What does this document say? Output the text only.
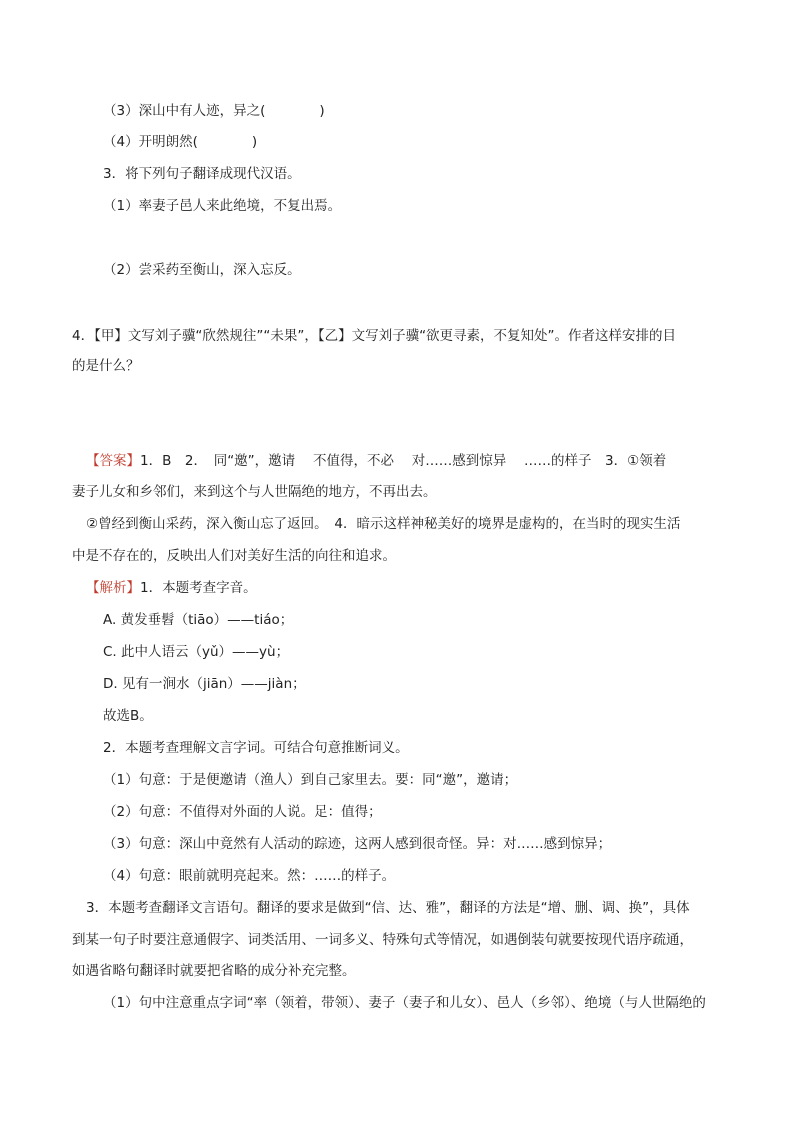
（3）深山中有人迹，异之(　　　　)
（4）开明朗然(　　　　)
3．将下列句子翻译成现代汉语。
（1）率妻子邑人来此绝境，不复出焉。
（2）尝采药至衡山，深入忘反。
4．【甲】文写刘子骥“欣然规往”“未果”，【乙】文写刘子骥“欲更寻素，不复知处”。作者这样安排的目
的是什么？
【答案】1．B　2．　同“邀”，邀请　 不值得，不必　 对……感到惊异　 ……的样子　3．①领着
妻子儿女和乡邻们，来到这个与人世隔绝的地方，不再出去。
②曾经到衡山采药，深入衡山忘了返回。　4．暗示这样神秘美好的境界是虚构的，在当时的现实生活
中是不存在的，反映出人们对美好生活的向往和追求。
【解析】1．本题考查字音。
A. 黄发垂髫（tiāo）——tiáo；
C. 此中人语云（yǔ）——yù；
D. 见有一涧水（jiān）——jiàn；
故选B。
2．本题考查理解文言字词。可结合句意推断词义。
（1）句意：于是便邀请（渔人）到自己家里去。要：同“邀”，邀请；
（2）句意：不值得对外面的人说。足：值得；
（3）句意：深山中竟然有人活动的踪迹，这两人感到很奇怪。异：对……感到惊异；
（4）句意：眼前就明亮起来。然：……的样子。
3．本题考查翻译文言语句。翻译的要求是做到“信、达、雅”，翻译的方法是“增、删、调、换”，具体
到某一句子时要注意通假字、词类活用、一词多义、特殊句式等情况，如遇倒装句就要按现代语序疏通，
如遇省略句翻译时就要把省略的成分补充完整。
（1）句中注意重点字词“率（领着，带领）、妻子（妻子和儿女）、邑人（乡邻）、绝境（与人世隔绝的
